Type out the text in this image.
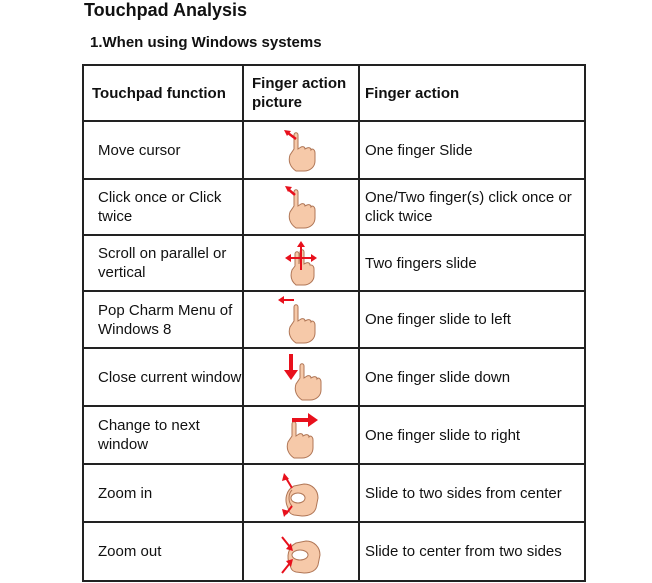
Touchpad Analysis
1.When using Windows systems
Touchpad function	Finger action picture	Finger action

Move cursor		One finger Slide

Click once or Click twice		One/Two finger(s) click once or click twice

Scroll on parallel or vertical		Two fingers slide

Pop Charm Menu of Windows 8		One finger slide to left

Close current window		One finger slide down

Change to next window		One finger slide to right

Zoom in		Slide to two sides from center

Zoom out		Slide to center from two sides
